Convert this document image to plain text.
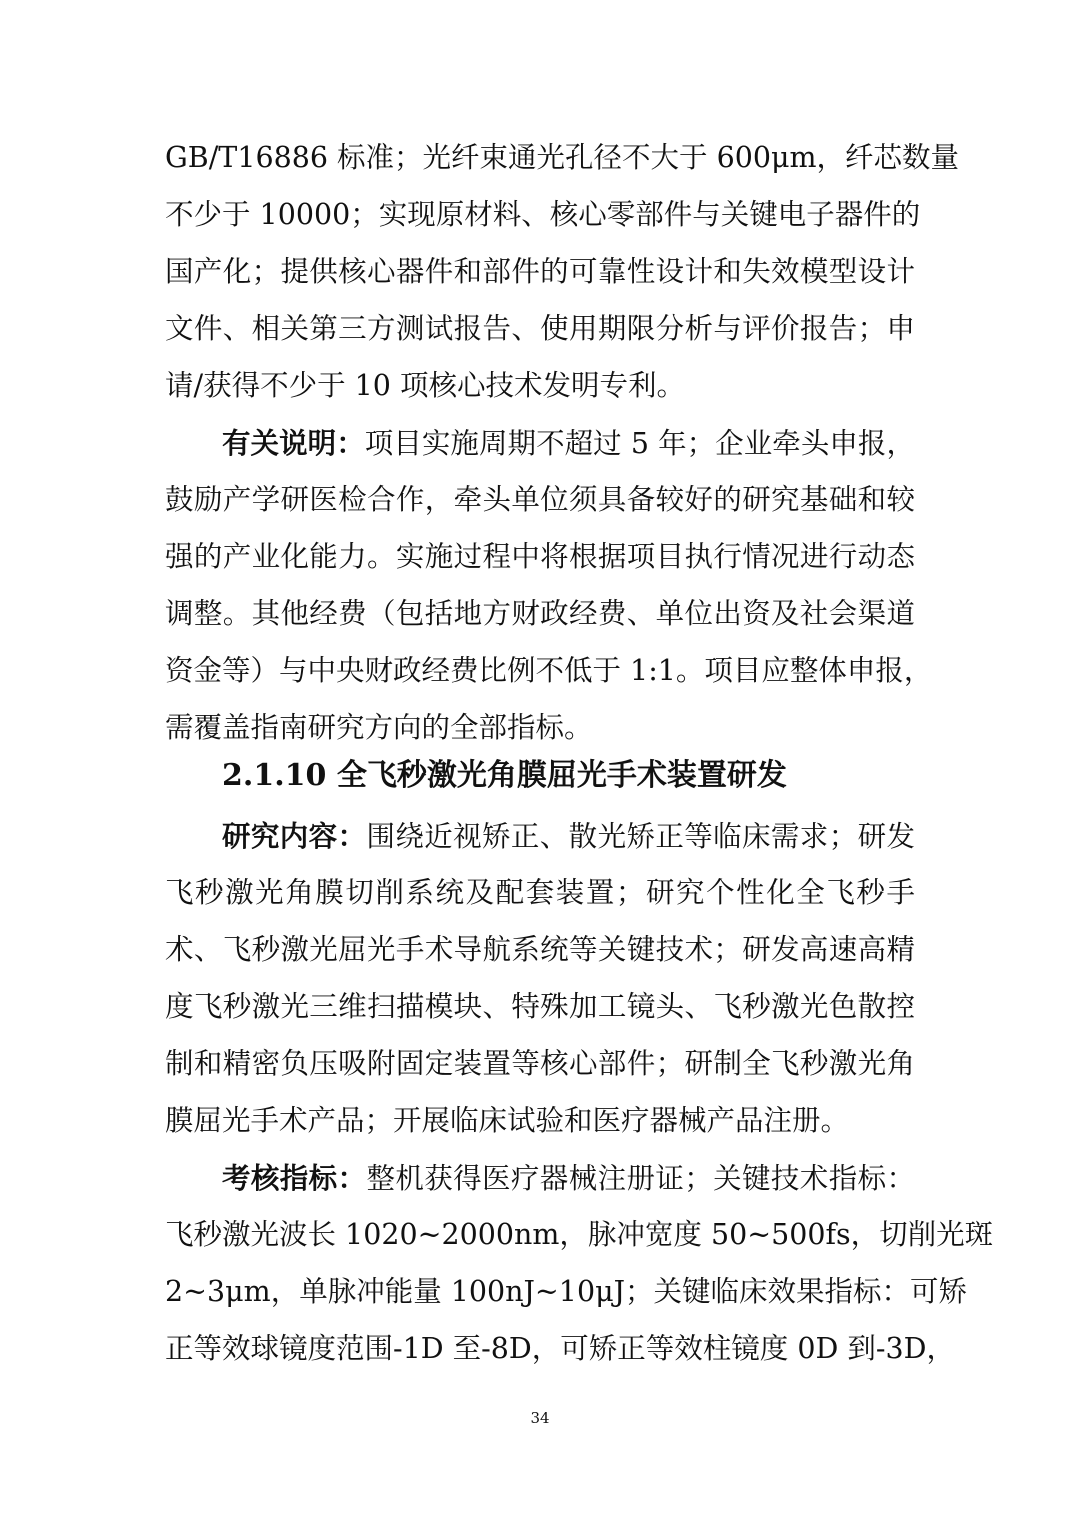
GB/T16886 标准；光纤束通光孔径不大于 600μm，纤芯数量
不少于 10000；实现原材料、核心零部件与关键电子器件的
国产化；提供核心器件和部件的可靠性设计和失效模型设计
文件、相关第三方测试报告、使用期限分析与评价报告；申
请/获得不少于 10 项核心技术发明专利。
有关说明：项目实施周期不超过 5 年；企业牵头申报，
鼓励产学研医检合作，牵头单位须具备较好的研究基础和较
强的产业化能力。实施过程中将根据项目执行情况进行动态
调整。其他经费（包括地方财政经费、单位出资及社会渠道
资金等）与中央财政经费比例不低于 1:1。项目应整体申报，
需覆盖指南研究方向的全部指标。
2.1.10 全飞秒激光角膜屈光手术装置研发
研究内容：围绕近视矫正、散光矫正等临床需求；研发
飞秒激光角膜切削系统及配套装置；研究个性化全飞秒手
术、飞秒激光屈光手术导航系统等关键技术；研发高速高精
度飞秒激光三维扫描模块、特殊加工镜头、飞秒激光色散控
制和精密负压吸附固定装置等核心部件；研制全飞秒激光角
膜屈光手术产品；开展临床试验和医疗器械产品注册。
考核指标：整机获得医疗器械注册证；关键技术指标：
飞秒激光波长 1020~2000nm，脉冲宽度 50~500fs，切削光斑
2~3μm，单脉冲能量 100nJ~10μJ；关键临床效果指标：可矫
正等效球镜度范围-1D 至-8D，可矫正等效柱镜度 0D 到-3D，
34
